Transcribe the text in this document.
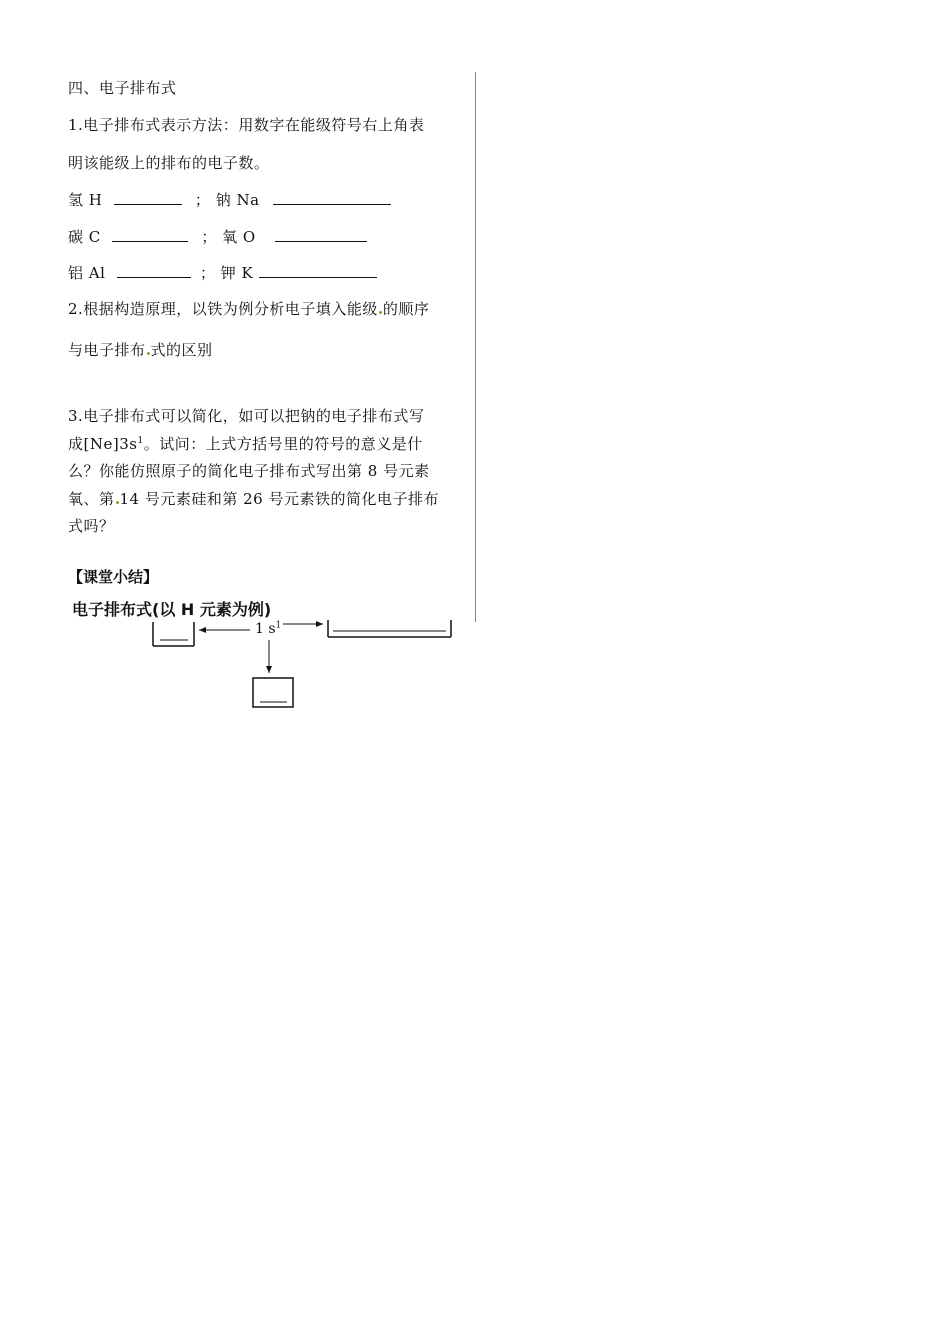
四、电子排布式
1.电子排布式表示方法：用数字在能级符号右上角表
明该能级上的排布的电子数。
氢 H	； 钠 Na
碳 C	； 氧 O
铝 Al	； 钾 K
2.根据构造原理，以铁为例分析电子填入能级 的顺序
与电子排布 式的区别
3.电子排布式可以简化，如可以把钠的电子排布式写
成$[Ne]3s^1$。试问：上式方括号里的符号的意义是什
么？你能仿照原子的简化电子排布式写出第 8 号元素
氧、第 14 号元素硅和第 26 号元素铁的简化电子排布
式吗？
【课堂小结】
电子排布式(以 H 元素为例)
1 $s^1$
